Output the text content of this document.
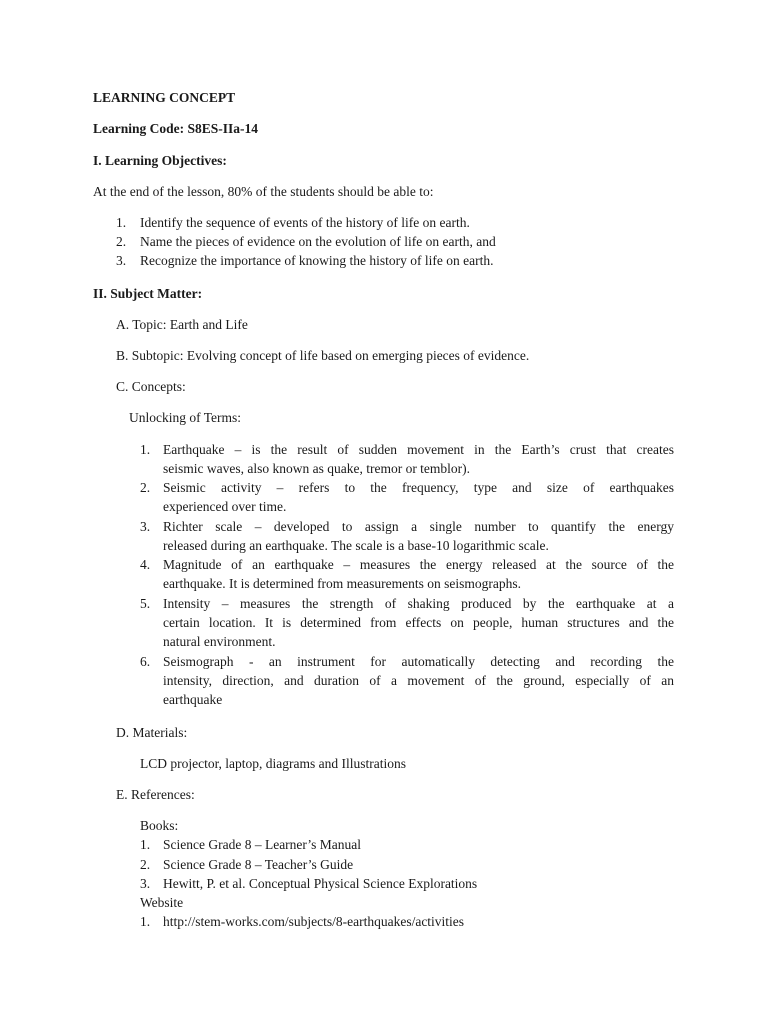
LEARNING CONCEPT
Learning Code: S8ES-IIa-14
I. Learning Objectives:
At the end of the lesson, 80% of the students should be able to:
1.	Identify the sequence of events of the history of life on earth.
2.	Name the pieces of evidence on the evolution of life on earth, and
3.	Recognize the importance of knowing the history of life on earth.
II. Subject Matter:
A. Topic: Earth and Life
B. Subtopic: Evolving concept of life based on emerging pieces of evidence.
C. Concepts:
Unlocking of Terms:
1. Earthquake – is the result of sudden movement in the Earth’s crust that creates
seismic waves, also known as quake, tremor or temblor).
2. Seismic activity – refers to the frequency, type and size of earthquakes
experienced over time.
3. Richter scale – developed to assign a single number to quantify the energy
released during an earthquake. The scale is a base-10 logarithmic scale.
4. Magnitude of an earthquake – measures the energy released at the source of the
earthquake. It is determined from measurements on seismographs.
5. Intensity – measures the strength of shaking produced by the earthquake at a
certain location. It is determined from effects on people, human structures and the
natural environment.
6. Seismograph - an instrument for automatically detecting and recording the
intensity, direction, and duration of a movement of the ground, especially of an
earthquake
D. Materials:
LCD projector, laptop, diagrams and Illustrations
E. References:
Books:
1. Science Grade 8 – Learner’s Manual
2. Science Grade 8 – Teacher’s Guide
3. Hewitt, P. et al. Conceptual Physical Science Explorations
Website
1. http://stem-works.com/subjects/8-earthquakes/activities
